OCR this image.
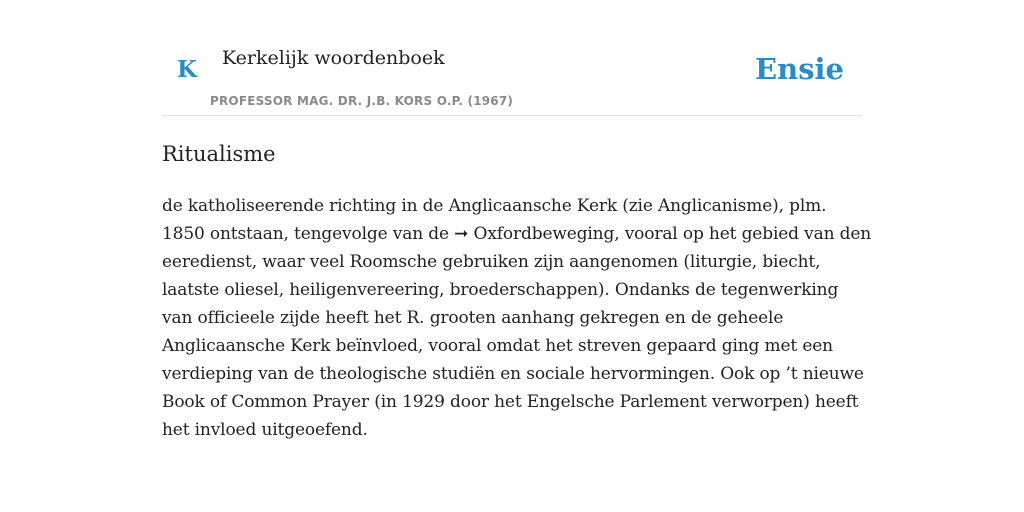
K Kerkelijk woordenboek
PROFESSOR MAG. DR. J.B. KORS O.P. (1967)
Ensie
Ritualisme
de katholiseerende richting in de Anglicaansche Kerk (zie Anglicanisme), plm.
1850 ontstaan, tengevolge van de ➞ Oxfordbeweging, vooral op het gebied van den
eeredienst, waar veel Roomsche gebruiken zijn aangenomen (liturgie, biecht,
laatste oliesel, heiligenvereering, broederschappen). Ondanks de tegenwerking
van officieele zijde heeft het R. grooten aanhang gekregen en de geheele
Anglicaansche Kerk beïnvloed, vooral omdat het streven gepaard ging met een
verdieping van de theologische studiën en sociale hervormingen. Ook op ’t nieuwe
Book of Common Prayer (in 1929 door het Engelsche Parlement verworpen) heeft
het invloed uitgeoefend.
